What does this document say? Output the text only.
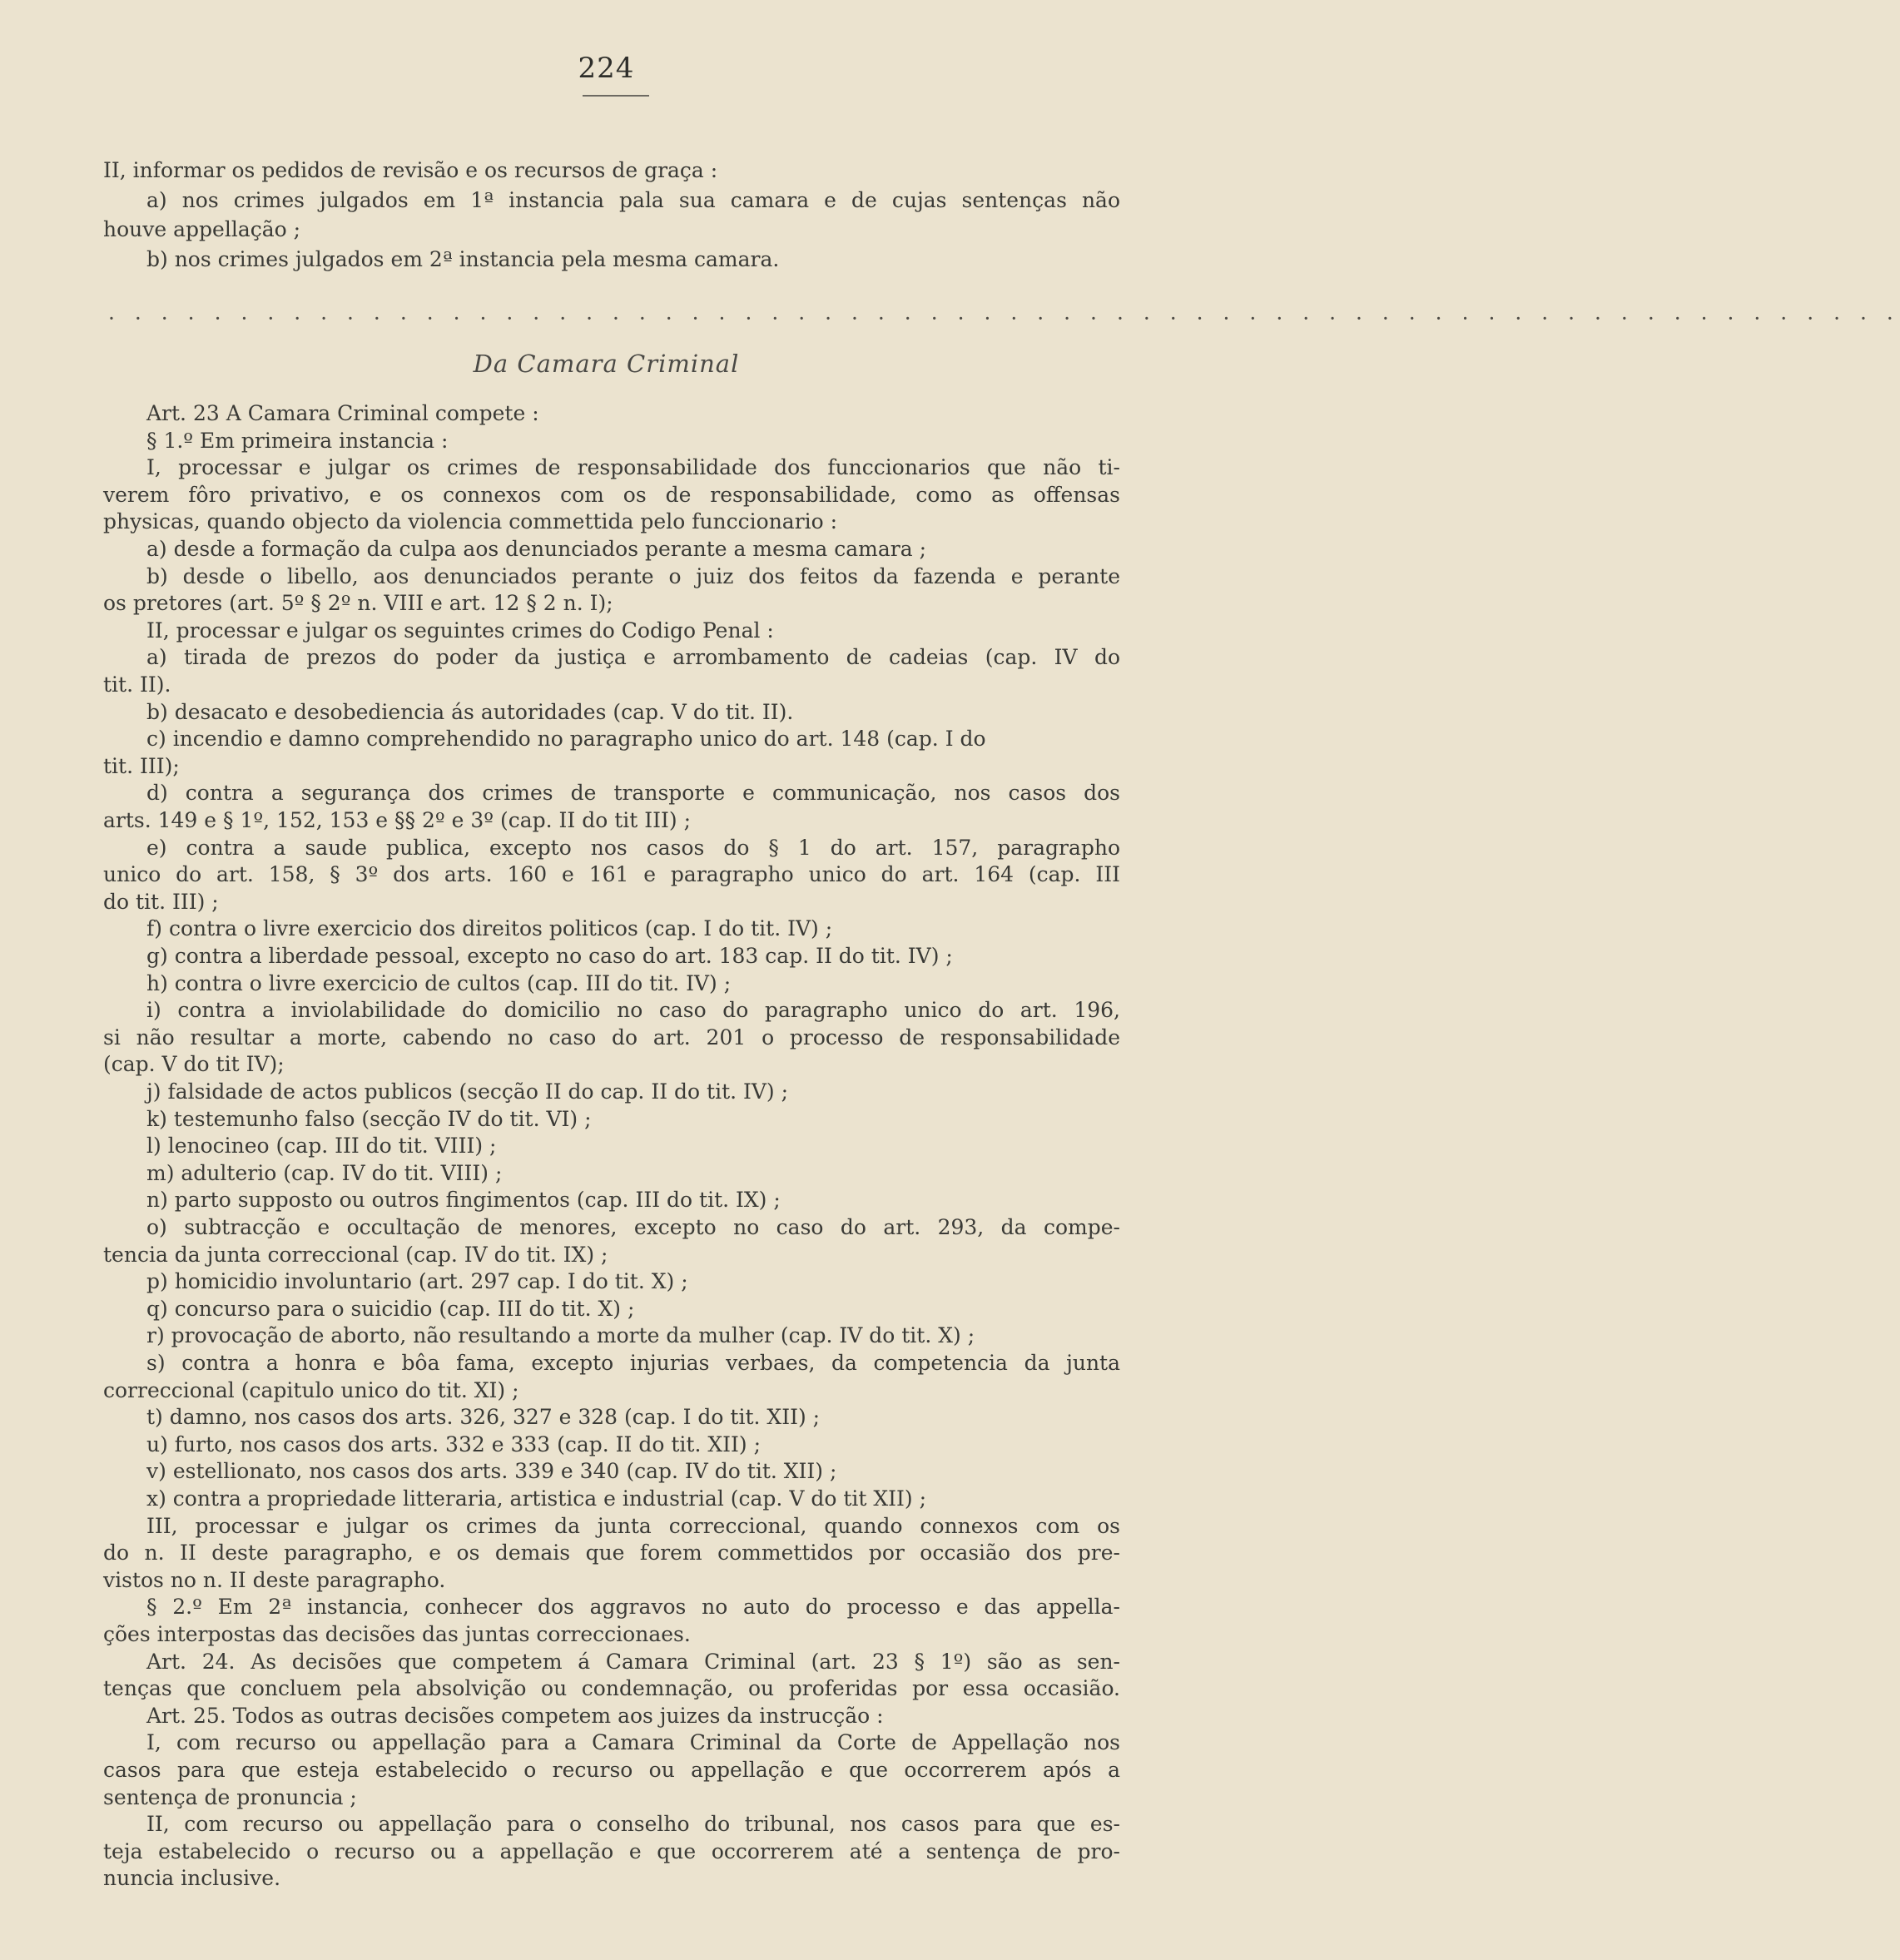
224
II, informar os pedidos de revisão e os recursos de graça :
a) nos crimes julgados em 1ª instancia pala sua camara e de cujas sentenças não
houve appellação ;
b) nos crimes julgados em 2ª instancia pela mesma camara.
· · · · · · · · · · · · · · · · · · · · · · · · · · · · · · · · · · · · · · · · · · · · · · · · · · · · · · · · · · · · · · · · · · · ·
Da Camara Criminal
Art. 23 A Camara Criminal compete :
§ 1.º Em primeira instancia :
I, processar e julgar os crimes de responsabilidade dos funccionarios que não ti-
verem fôro privativo, e os connexos com os de responsabilidade, como as offensas
physicas, quando objecto da violencia commettida pelo funccionario :
a) desde a formação da culpa aos denunciados perante a mesma camara ;
b) desde o libello, aos denunciados perante o juiz dos feitos da fazenda e perante
os pretores (art. 5º § 2º n. VIII e art. 12 § 2 n. I);
II, processar e julgar os seguintes crimes do Codigo Penal :
a) tirada de prezos do poder da justiça e arrombamento de cadeias (cap. IV do
tit. II).
b) desacato e desobediencia ás autoridades (cap. V do tit. II).
c) incendio e damno comprehendido no paragrapho unico do art. 148 (cap. I do
tit. III);
d) contra a segurança dos crimes de transporte e communicação, nos casos dos
arts. 149 e § 1º, 152, 153 e §§ 2º e 3º (cap. II do tit III) ;
e) contra a saude publica, excepto nos casos do § 1 do art. 157, paragrapho
unico do art. 158, § 3º dos arts. 160 e 161 e paragrapho unico do art. 164 (cap. III
do tit. III) ;
f) contra o livre exercicio dos direitos politicos (cap. I do tit. IV) ;
g) contra a liberdade pessoal, excepto no caso do art. 183 cap. II do tit. IV) ;
h) contra o livre exercicio de cultos (cap. III do tit. IV) ;
i) contra a inviolabilidade do domicilio no caso do paragrapho unico do art. 196,
si não resultar a morte, cabendo no caso do art. 201 o processo de responsabilidade
(cap. V do tit IV);
j) falsidade de actos publicos (secção II do cap. II do tit. IV) ;
k) testemunho falso (secção IV do tit. VI) ;
l) lenocineo (cap. III do tit. VIII) ;
m) adulterio (cap. IV do tit. VIII) ;
n) parto supposto ou outros fingimentos (cap. III do tit. IX) ;
o) subtracção e occultação de menores, excepto no caso do art. 293, da compe-
tencia da junta correccional (cap. IV do tit. IX) ;
p) homicidio involuntario (art. 297 cap. I do tit. X) ;
q) concurso para o suicidio (cap. III do tit. X) ;
r) provocação de aborto, não resultando a morte da mulher (cap. IV do tit. X) ;
s) contra a honra e bôa fama, excepto injurias verbaes, da competencia da junta
correccional (capitulo unico do tit. XI) ;
t) damno, nos casos dos arts. 326, 327 e 328 (cap. I do tit. XII) ;
u) furto, nos casos dos arts. 332 e 333 (cap. II do tit. XII) ;
v) estellionato, nos casos dos arts. 339 e 340 (cap. IV do tit. XII) ;
x) contra a propriedade litteraria, artistica e industrial (cap. V do tit XII) ;
III, processar e julgar os crimes da junta correccional, quando connexos com os
do n. II deste paragrapho, e os demais que forem commettidos por occasião dos pre-
vistos no n. II deste paragrapho.
§ 2.º Em 2ª instancia, conhecer dos aggravos no auto do processo e das appella-
ções interpostas das decisões das juntas correccionaes.
Art. 24. As decisões que competem á Camara Criminal (art. 23 § 1º) são as sen-
tenças que concluem pela absolvição ou condemnação, ou proferidas por essa occasião.
Art. 25. Todos as outras decisões competem aos juizes da instrucção :
I, com recurso ou appellação para a Camara Criminal da Corte de Appellação nos
casos para que esteja estabelecido o recurso ou appellação e que occorrerem após a
sentença de pronuncia ;
II, com recurso ou appellação para o conselho do tribunal, nos casos para que es-
teja estabelecido o recurso ou a appellação e que occorrerem até a sentença de pro-
nuncia inclusive.
